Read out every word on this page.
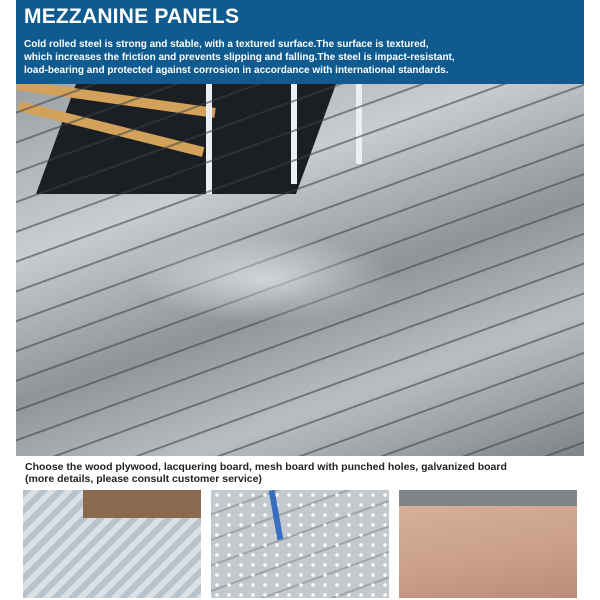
MEZZANINE PANELS
Cold rolled steel is strong and stable, with a textured surface.The surface is textured,
which increases the friction and prevents slipping and falling.The steel is impact-resistant,
load-bearing and protected against corrosion in accordance with international standards.
Choose the wood plywood, lacquering board, mesh board with punched holes, galvanized board
(more details, please consult customer service)
